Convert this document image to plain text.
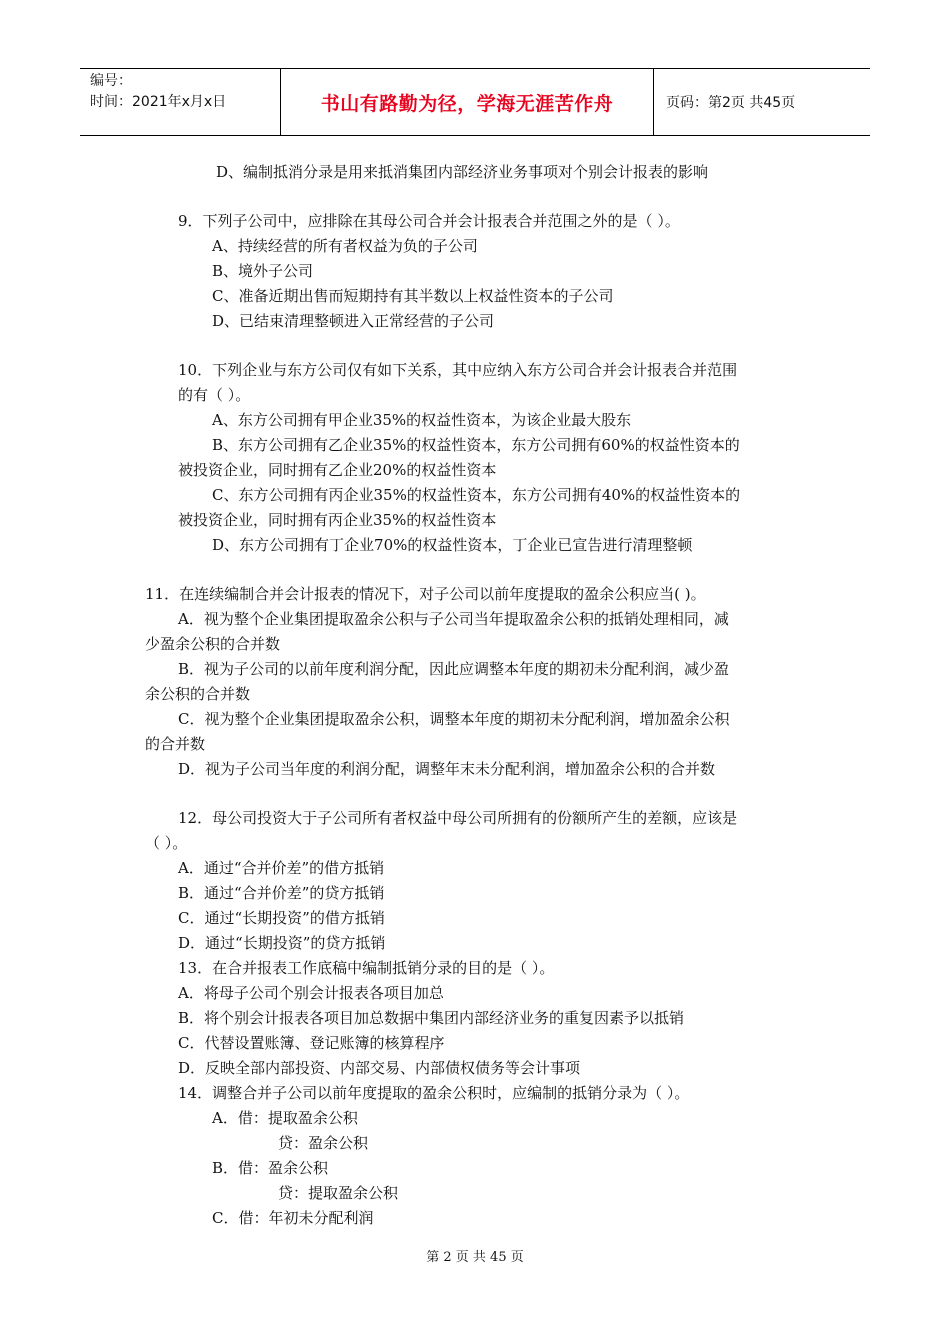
编号：
时间：2021年x月x日	书山有路勤为径，学海无涯苦作舟	页码：第2页 共45页
D、编制抵消分录是用来抵消集团内部经济业务事项对个别会计报表的影响
9．下列子公司中，应排除在其母公司合并会计报表合并范围之外的是（ ）。
A、持续经营的所有者权益为负的子公司
B、境外子公司
C、准备近期出售而短期持有其半数以上权益性资本的子公司
D、已结束清理整顿进入正常经营的子公司
10．下列企业与东方公司仅有如下关系，其中应纳入东方公司合并会计报表合并范围
的有（ ）。
A、东方公司拥有甲企业35%的权益性资本，为该企业最大股东
B、东方公司拥有乙企业35%的权益性资本，东方公司拥有60%的权益性资本的
被投资企业，同时拥有乙企业20%的权益性资本
C、东方公司拥有丙企业35%的权益性资本，东方公司拥有40%的权益性资本的
被投资企业，同时拥有丙企业35%的权益性资本
D、东方公司拥有丁企业70%的权益性资本，丁企业已宣告进行清理整顿
11．在连续编制合并会计报表的情况下，对子公司以前年度提取的盈余公积应当( )。
A．视为整个企业集团提取盈余公积与子公司当年提取盈余公积的抵销处理相同，减
少盈余公积的合并数
B．视为子公司的以前年度利润分配，因此应调整本年度的期初未分配利润，减少盈
余公积的合并数
C．视为整个企业集团提取盈余公积，调整本年度的期初未分配利润，增加盈余公积
的合并数
D．视为子公司当年度的利润分配，调整年末未分配利润，增加盈余公积的合并数
12．母公司投资大于子公司所有者权益中母公司所拥有的份额所产生的差额，应该是
（ ）。
A．通过“合并价差”的借方抵销
B．通过“合并价差”的贷方抵销
C．通过“长期投资”的借方抵销
D．通过“长期投资”的贷方抵销
13．在合并报表工作底稿中编制抵销分录的目的是（ ）。
A．将母子公司个别会计报表各项目加总
B．将个别会计报表各项目加总数据中集团内部经济业务的重复因素予以抵销
C．代替设置账簿、登记账簿的核算程序
D．反映全部内部投资、内部交易、内部债权债务等会计事项
14．调整合并子公司以前年度提取的盈余公积时，应编制的抵销分录为（ ）。
A．借：提取盈余公积
贷：盈余公积
B．借：盈余公积
贷：提取盈余公积
C．借：年初未分配利润
第 2 页 共 45 页
